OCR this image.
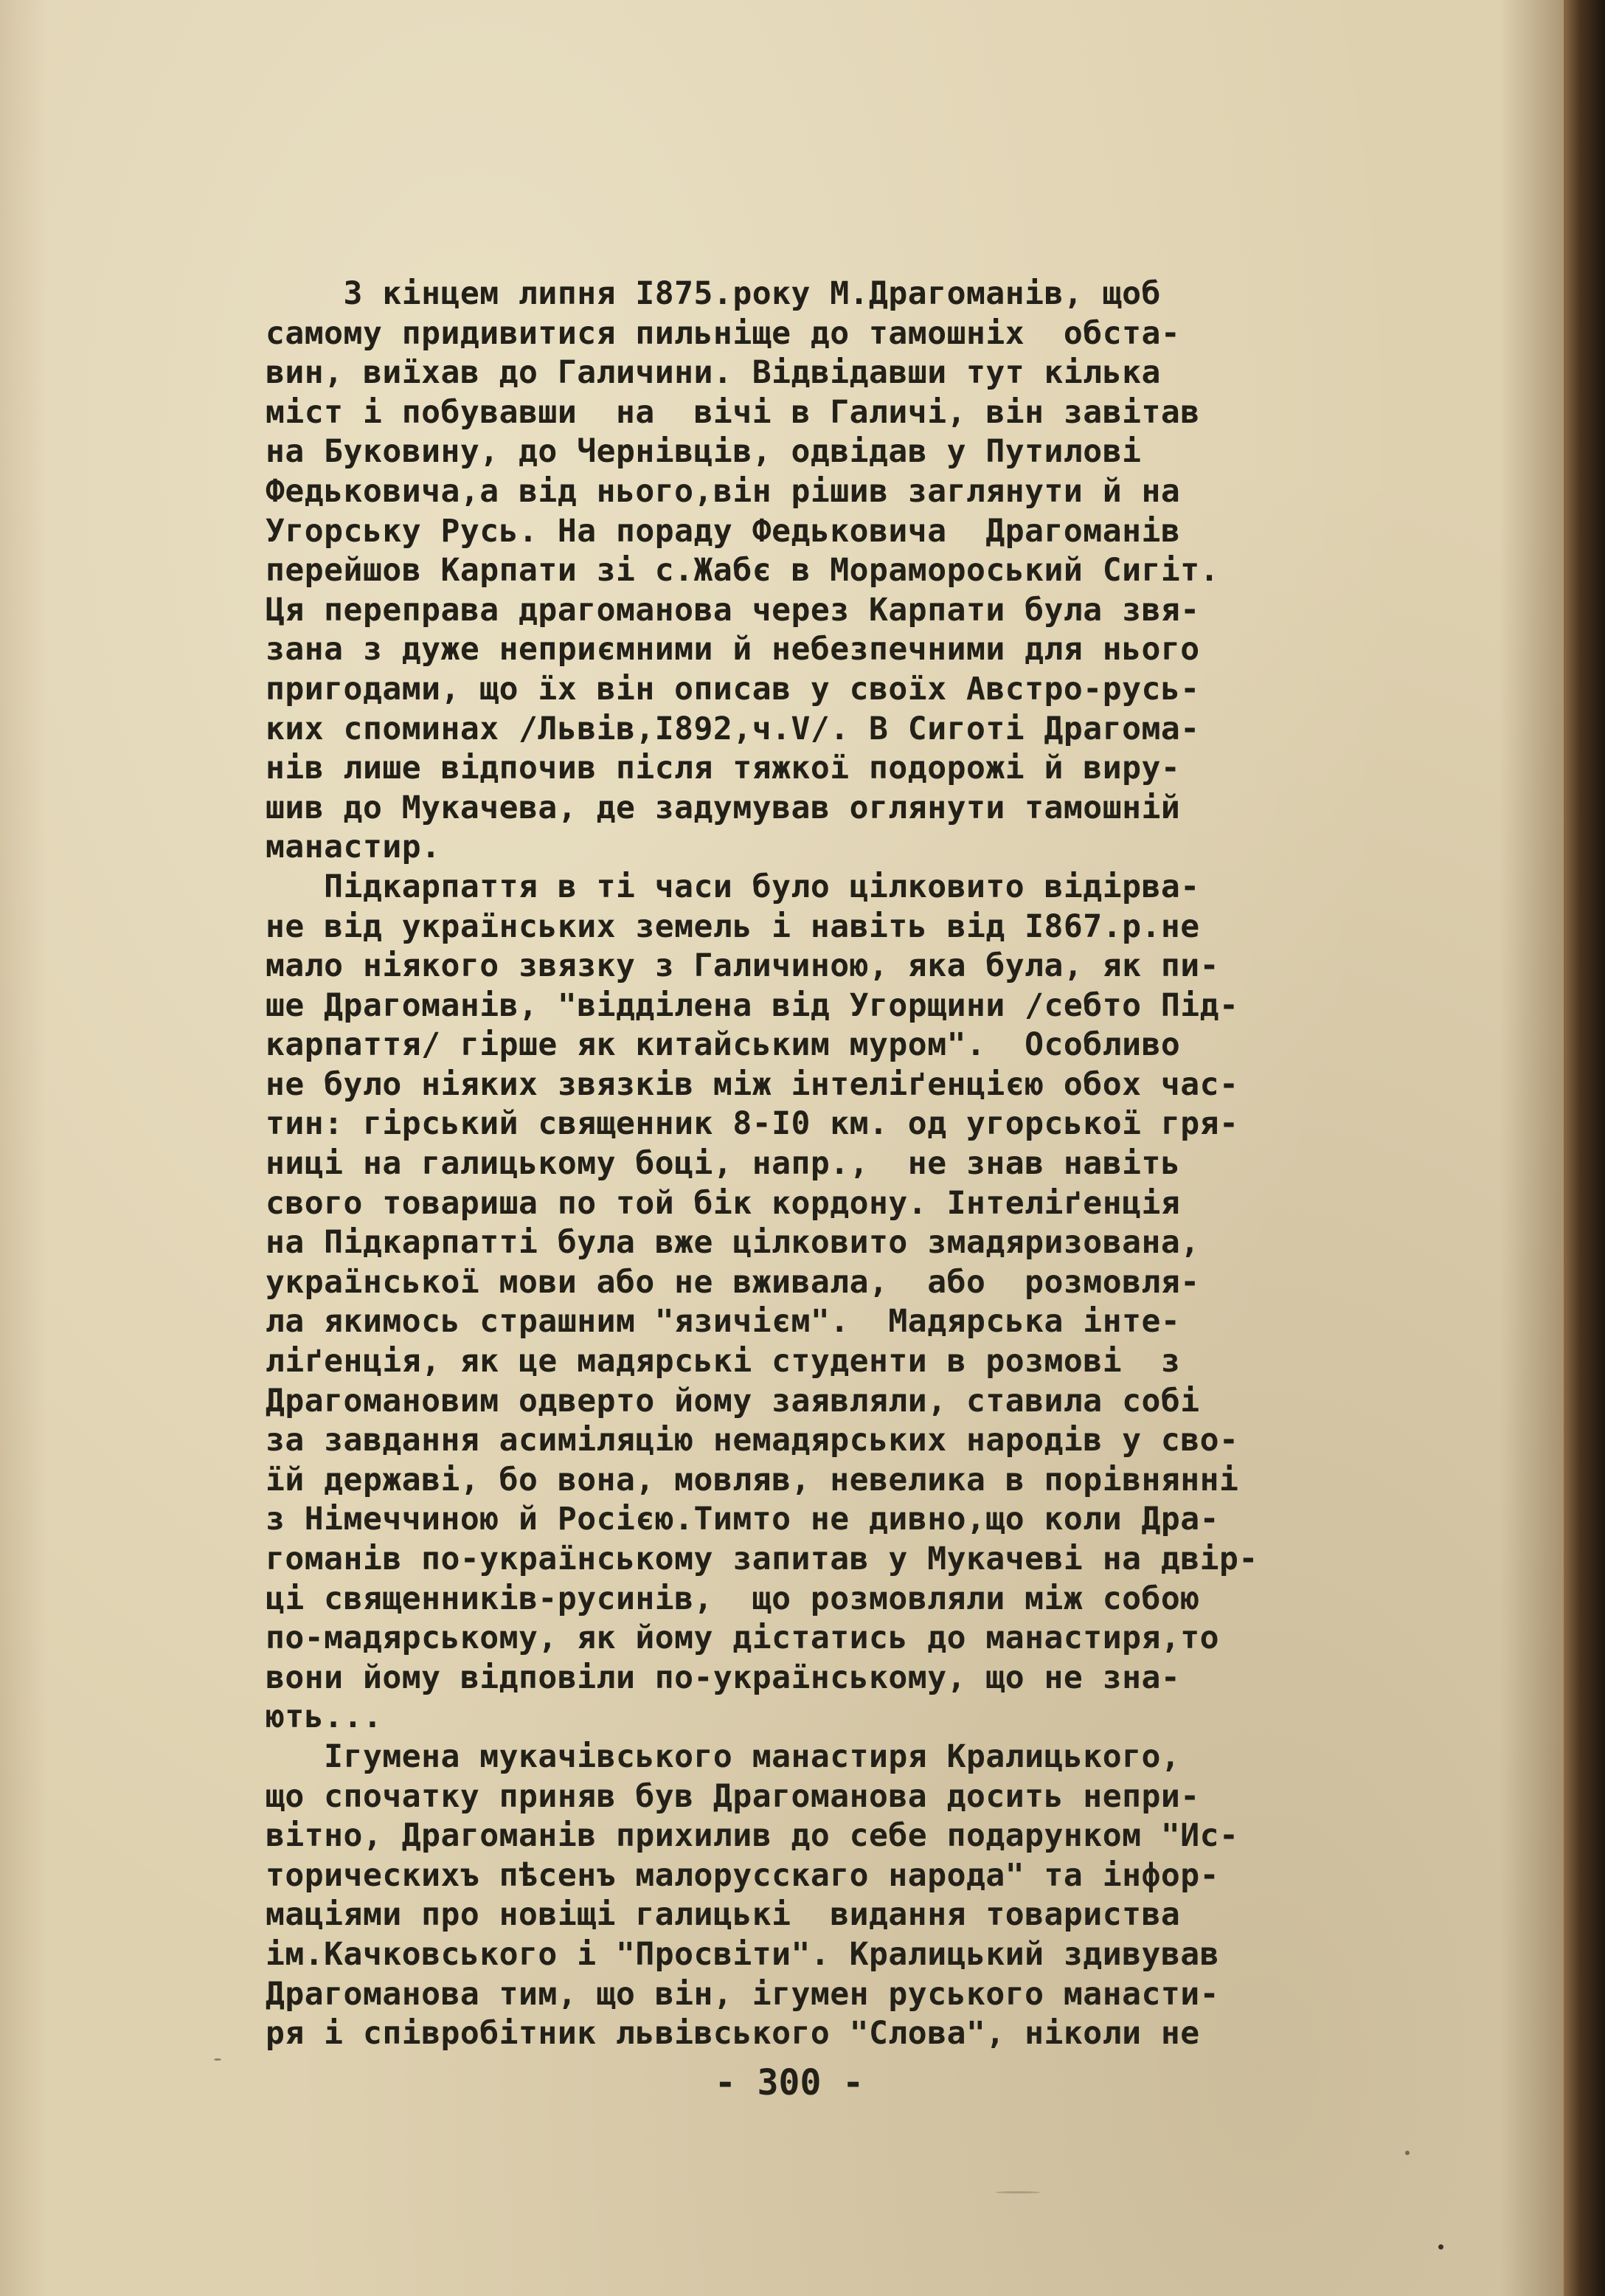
З кінцем липня І875.року М.Драгоманів, щоб
самому придивитися пильніще до тамошніх  обста-
вин, виїхав до Галичини. Відвідавши тут кілька
міст і побувавши  на  вічі в Галичі, він завітав
на Буковину, до Чернівців, одвідав у Путилові
Федьковича,а від нього,він рішив заглянути й на
Угорську Русь. На пораду Федьковича  Драгоманів
перейшов Карпати зі с.Жабє в Морамороський Сигіт.
Ця переправа драгоманова через Карпати була звя-
зана з дуже неприємними й небезпечними для нього
пригодами, що їх він описав у своїх Австро-русь-
ких споминах /Львів,І892,ч.V/. В Сиготі Драгома-
нів лише відпочив після тяжкої подорожі й виру-
шив до Мукачева, де задумував оглянути тамошній
манастир.
Підкарпаття в ті часи було цілковито відірва-
не від українських земель і навіть від І867.р.не
мало ніякого звязку з Галичиною, яка була, як пи-
ше Драгоманів, "відділена від Угорщини /себто Під-
карпаття/ гірше як китайським муром".  Особливо
не було ніяких звязків між інтеліґенцією обох час-
тин: гірський священник 8-І0 км. од угорської гря-
ниці на галицькому боці, напр.,  не знав навіть
свого товариша по той бік кордону. Інтеліґенція
на Підкарпатті була вже цілковито змадяризована,
української мови або не вживала,  або  розмовля-
ла якимось страшним "язичієм".  Мадярська інте-
ліґенція, як це мадярські студенти в розмові  з
Драгомановим одверто йому заявляли, ставила собі
за завдання асиміляцію немадярських народів у сво-
їй державі, бо вона, мовляв, невелика в порівнянні
з Німеччиною й Росією.Тимто не дивно,що коли Дра-
гоманів по-українському запитав у Мукачеві на двір-
ці священників-русинів,  що розмовляли між собою
по-мадярському, як йому дістатись до манастиря,то
вони йому відповіли по-українському, що не зна-
ють...
Ігумена мукачівського манастиря Кралицького,
що спочатку приняв був Драгоманова досить непри-
вітно, Драгоманів прихилив до себе подарунком "Ис-
торическихъ пѣсенъ малорусскаго народа" та інфор-
маціями про новіщі галицькі  видання товариства
ім.Качковського і "Просвіти". Кралицький здивував
Драгоманова тим, що він, ігумен руського манасти-
ря і співробітник львівського "Слова", ніколи не
- 300 -
